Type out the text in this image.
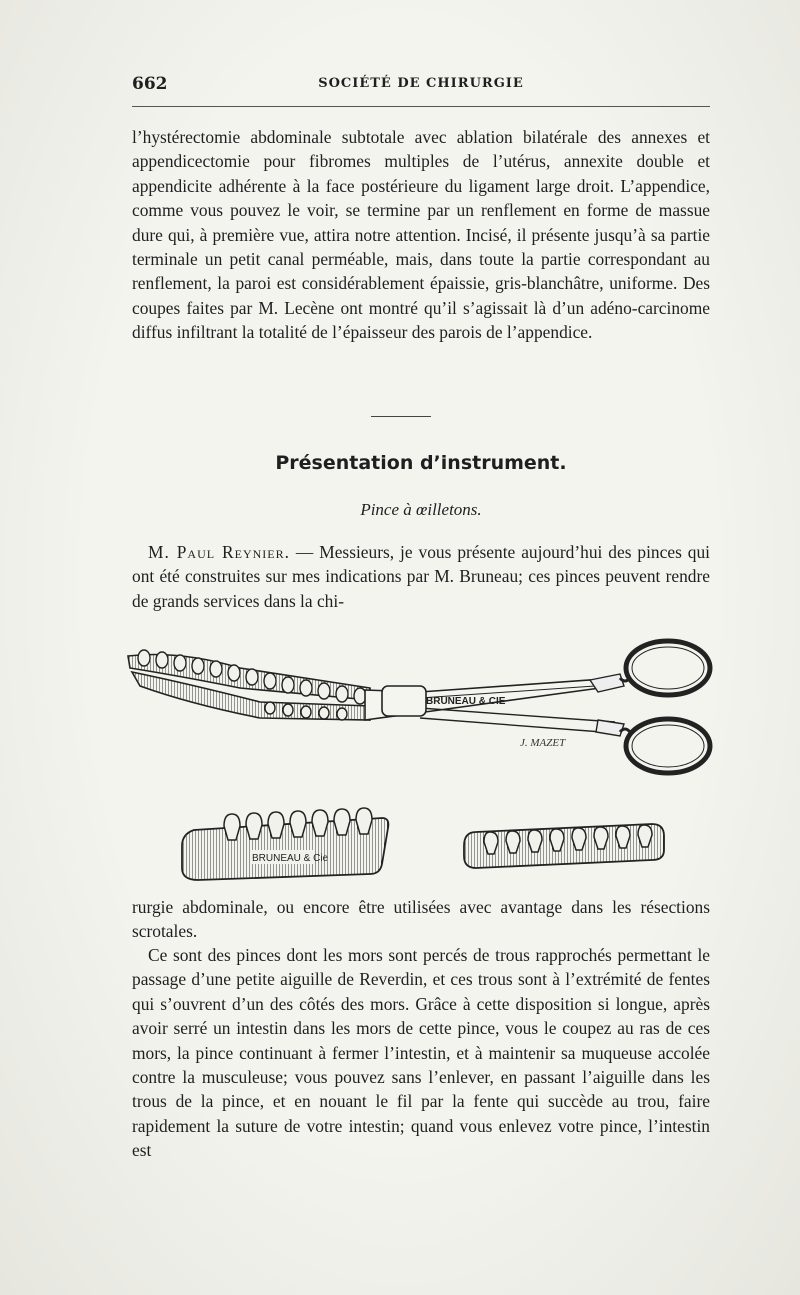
662	SOCIÉTÉ DE CHIRURGIE
l’hystérectomie abdominale subtotale avec ablation bilatérale des annexes et appendicectomie pour fibromes multiples de l’utérus, annexite double et appendicite adhérente à la face postérieure du ligament large droit. L’appendice, comme vous pouvez le voir, se termine par un renflement en forme de massue dure qui, à première vue, attira notre attention. Incisé, il présente jusqu’à sa partie terminale un petit canal perméable, mais, dans toute la partie correspondant au renflement, la paroi est considérablement épaissie, gris-blanchâtre, uniforme. Des coupes faites par M. Lecène ont montré qu’il s’agissait là d’un adéno-carcinome diffus infiltrant la totalité de l’épaisseur des parois de l’appendice.
Présentation d’instrument.
Pince à œilletons.
M. Paul Reynier. — Messieurs, je vous présente aujourd’hui des pinces qui ont été construites sur mes indications par M. Bruneau; ces pinces peuvent rendre de grands services dans la chi-
BRUNEAU & CIE
J. MAZET
BRUNEAU & Cie
rurgie abdominale, ou encore être utilisées avec avantage dans les résections scrotales.
Ce sont des pinces dont les mors sont percés de trous rapprochés permettant le passage d’une petite aiguille de Reverdin, et ces trous sont à l’extrémité de fentes qui s’ouvrent d’un des côtés des mors. Grâce à cette disposition si longue, après avoir serré un intestin dans les mors de cette pince, vous le coupez au ras de ces mors, la pince continuant à fermer l’intestin, et à maintenir sa muqueuse accolée contre la musculeuse; vous pouvez sans l’enlever, en passant l’aiguille dans les trous de la pince, et en nouant le fil par la fente qui succède au trou, faire rapidement la suture de votre intestin; quand vous enlevez votre pince, l’intestin est
